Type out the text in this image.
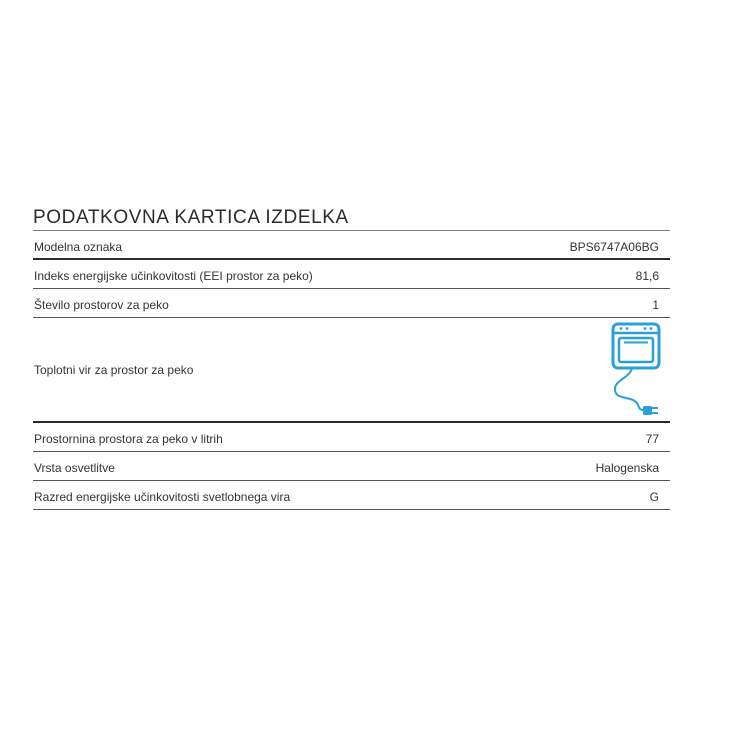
PODATKOVNA KARTICA IZDELKA
Modelna oznaka	BPS6747A06BG
Indeks energijske učinkovitosti (EEI prostor za peko)	81,6
Število prostorov za peko	1
Toplotni vir za prostor za peko
Prostornina prostora za peko v litrih	77
Vrsta osvetlitve	Halogenska
Razred energijske učinkovitosti svetlobnega vira	G
